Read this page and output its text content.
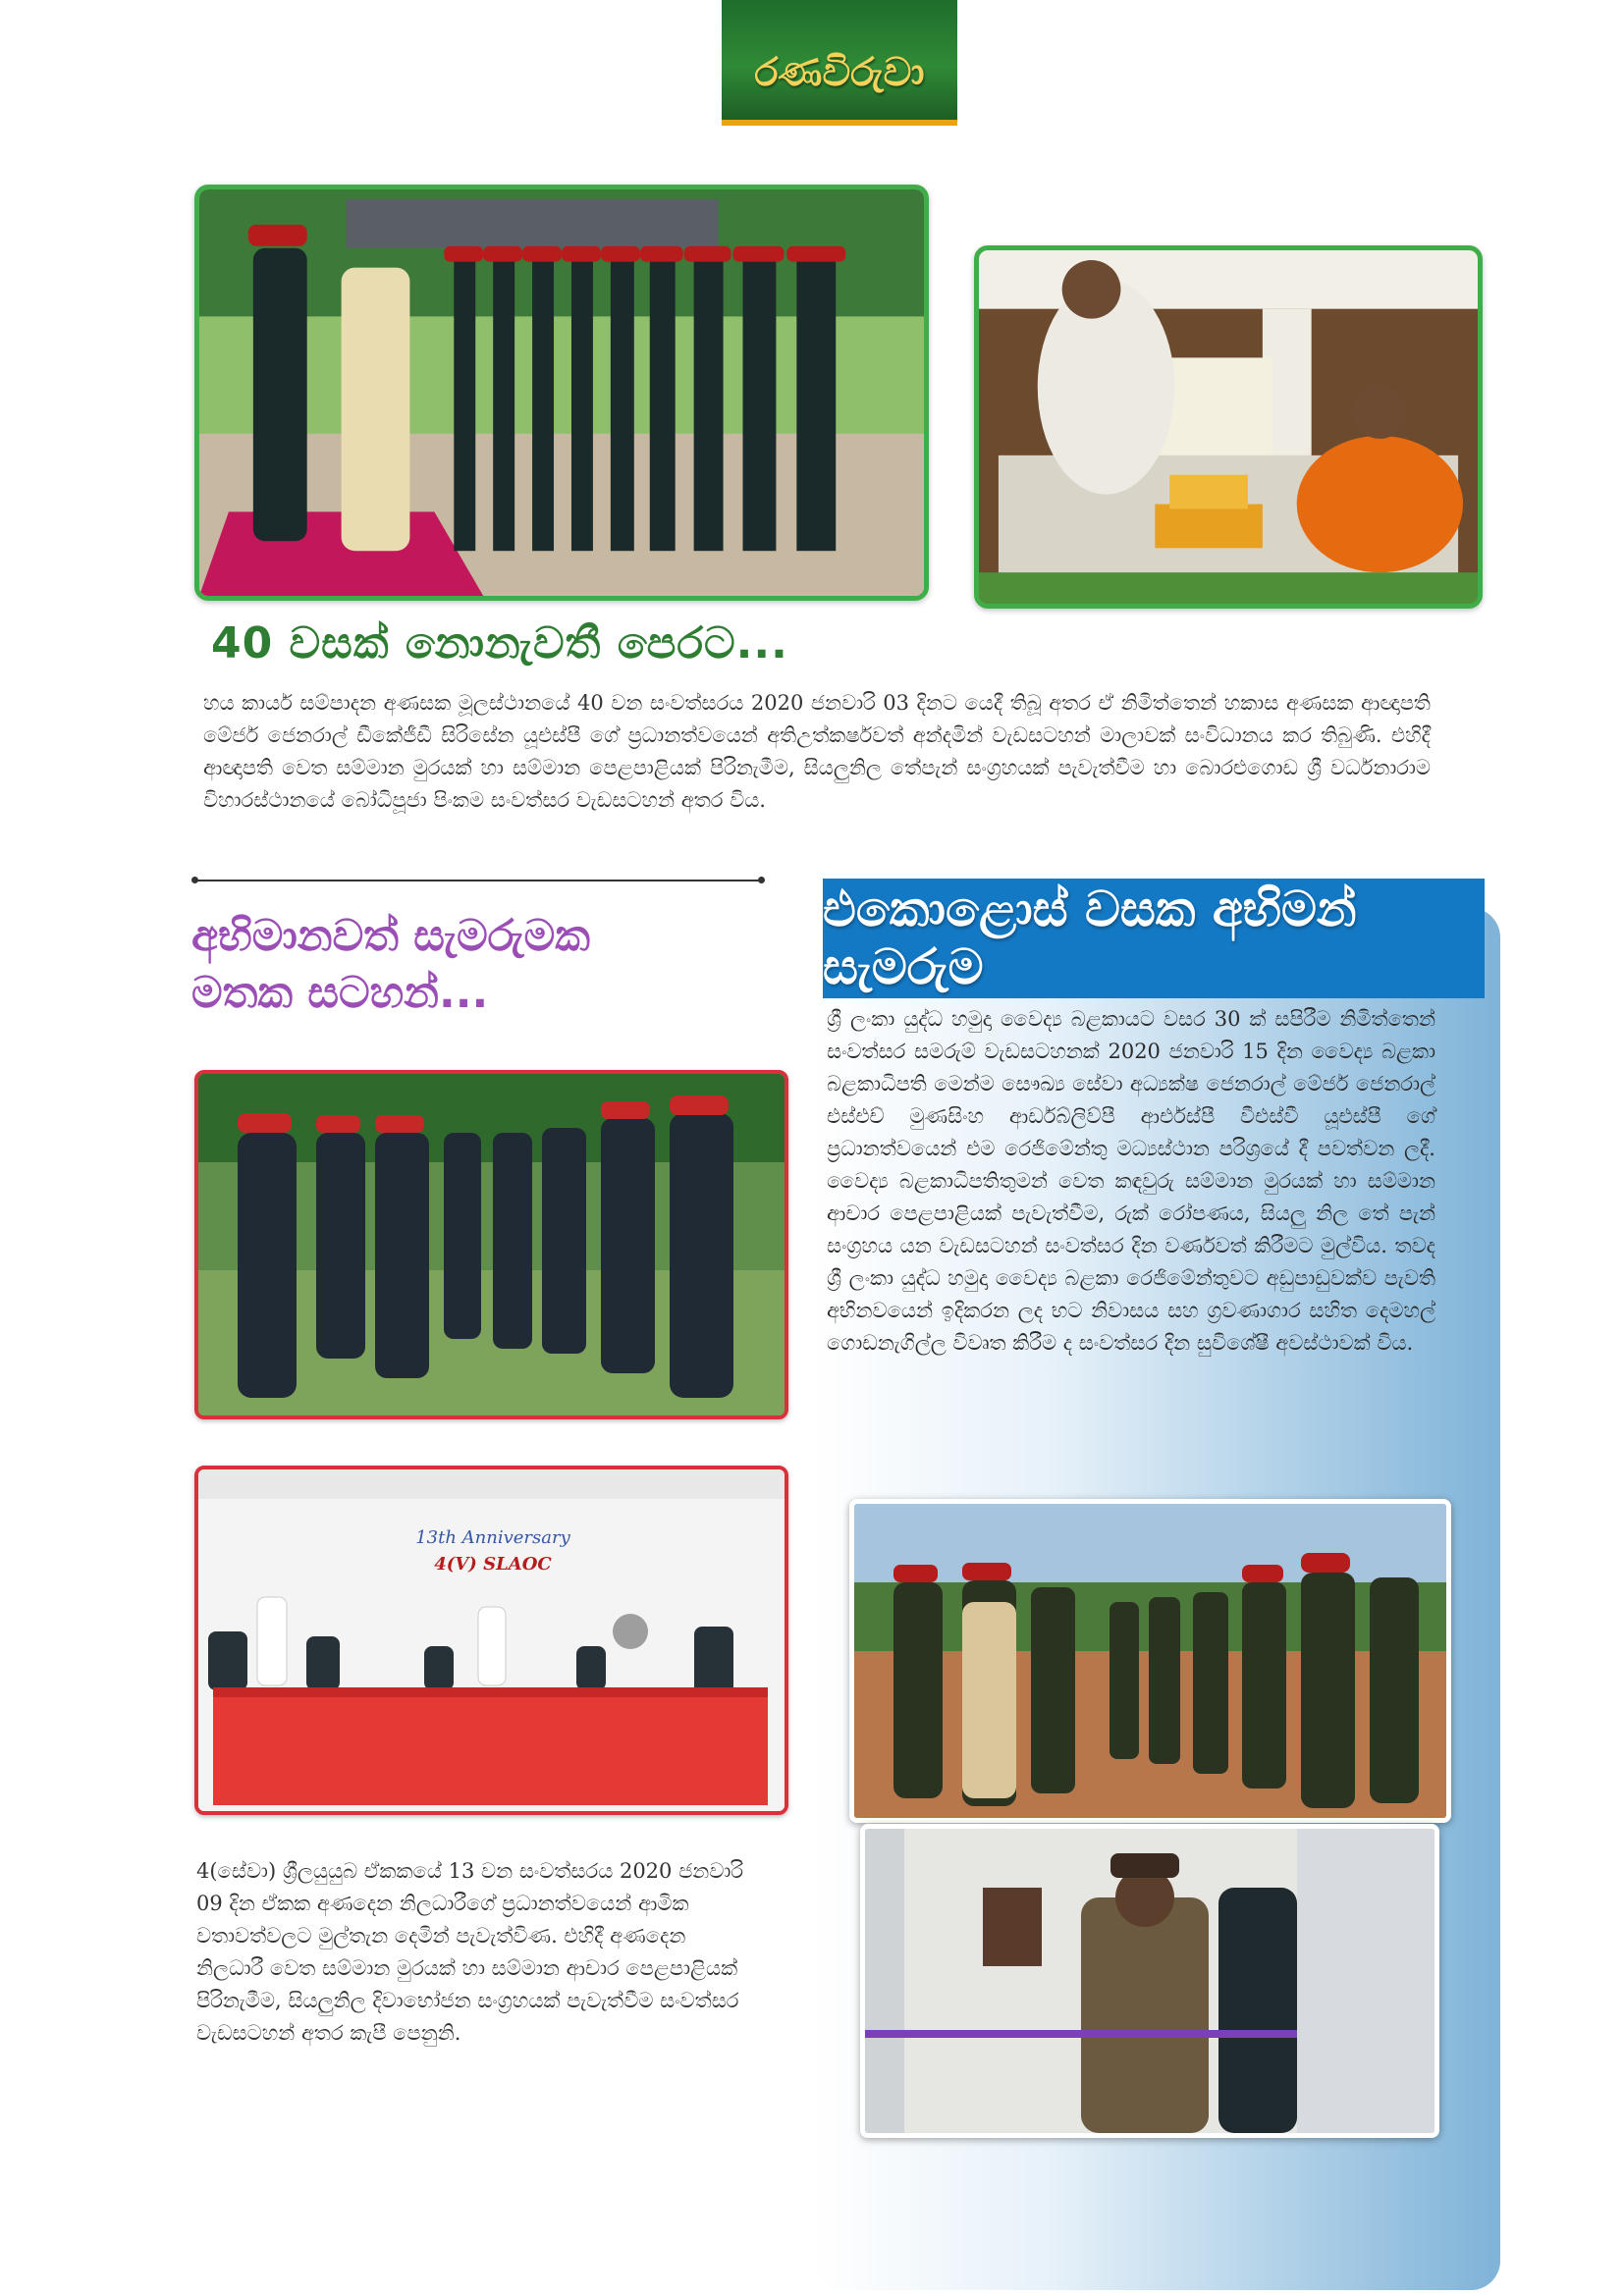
රණවිරුවා
40 වසක් නොනැවතී පෙරට...
හය කාර්ය සම්පාදන අණසක මූලස්ථානයේ 40 වන සංවත්සරය 2020 ජනවාරි 03 දිනට යෙදී තිබූ අතර ඒ නිමිත්තෙන් හකාස අණසක ආඥාපති මේජර් ජෙනරාල් ඩීකේජීඩී සිරිසේන යූඑස්පී ගේ ප්‍රධානත්වයෙන් අතිඋත්කර්ෂවත් අන්දමින් වැඩසටහන් මාලාවක් සංවිධානය කර තිබුණි. එහිදී ආඥාපති වෙත සම්මාන මුරයක් හා සම්මාන පෙළපාළියක් පිරිනැමීම, සියලුනිල තේපැන් සංග්‍රහයක් පැවැත්වීම හා බොරළුගොඩ ශ්‍රී වර්ධනාරාම විහාරස්ථානයේ බෝධිපූජා පිංකම සංවත්සර වැඩසටහන් අතර විය.
අභිමානවත් සැමරුමක
මතක සටහන්...
13th Anniversary
4(V) SLAOC
4(සේවා) ශ්‍රීලයුයුබ ඒකකයේ 13 වන සංවත්සරය 2020 ජනවාරි 09 දින ඒකක අණදෙන නිලධාරීගේ ප්‍රධානත්වයෙන් ආමික වතාවත්වලට මුල්තැන දෙමින් පැවැත්විණ. එහිදී අණදෙන නිලධාරී වෙත සම්මාන මුරයක් හා සම්මාන ආචාර පෙළපාළියක් පිරිනැමීම, සියලුනිල දිවාභෝජන සංග්‍රහයක් පැවැත්වීම සංවත්සර වැඩසටහන් අතර කැපී පෙනුනි.
එකොළොස් වසක අභිමන් සැමරුම
ශ්‍රී ලංකා යුද්ධ හමුදා වෛද්‍ය බළකායට වසර 30 ක් සපිරීම නිමිත්තෙන් සංවත්සර සමරුම් වැඩසටහනක් 2020 ජනවාරි 15 දින වෛද්‍ය බළකා බළකාධිපති මෙන්ම සෞඛ්‍ය සේවා අධ්‍යක්ෂ ජෙනරාල් මේජර් ජෙනරාල් එස්එච් මුණසිංහ ආර්ඩබ්ලිව්පී ආර්එස්පී වීඑස්වී යූඑස්පී ගේ ප්‍රධානත්වයෙන් එම රෙජිමේන්තු මධ්‍යස්ථාන පරිශ්‍රයේ දී පවත්වන ලදී. වෛද්‍ය බළකාධිපතිතුමන් වෙත කඳවුරු සම්මාන මුරයක් හා සම්මාන ආචාර පෙළපාළියක් පැවැත්වීම, රුක් රෝපණය, සියලු නිල තේ පැන් සංග්‍රහය යන වැඩසටහන් සංවත්සර දින වර්ණවත් කිරීමට මුල්විය. තවද ශ්‍රී ලංකා යුද්ධ හමුදා වෛද්‍ය බළකා රෙජිමේන්තුවට අඩුපාඩුවක්ව පැවති අභිනවයෙන් ඉදිකරන ලද භට නිවාසය සහ ග්‍රවණාගාර සහිත දෙමහල් ගොඩනැගිල්ල විවෘත කිරීම ද සංවත්සර දින සුවිශේෂී අවස්ථාවක් විය.
